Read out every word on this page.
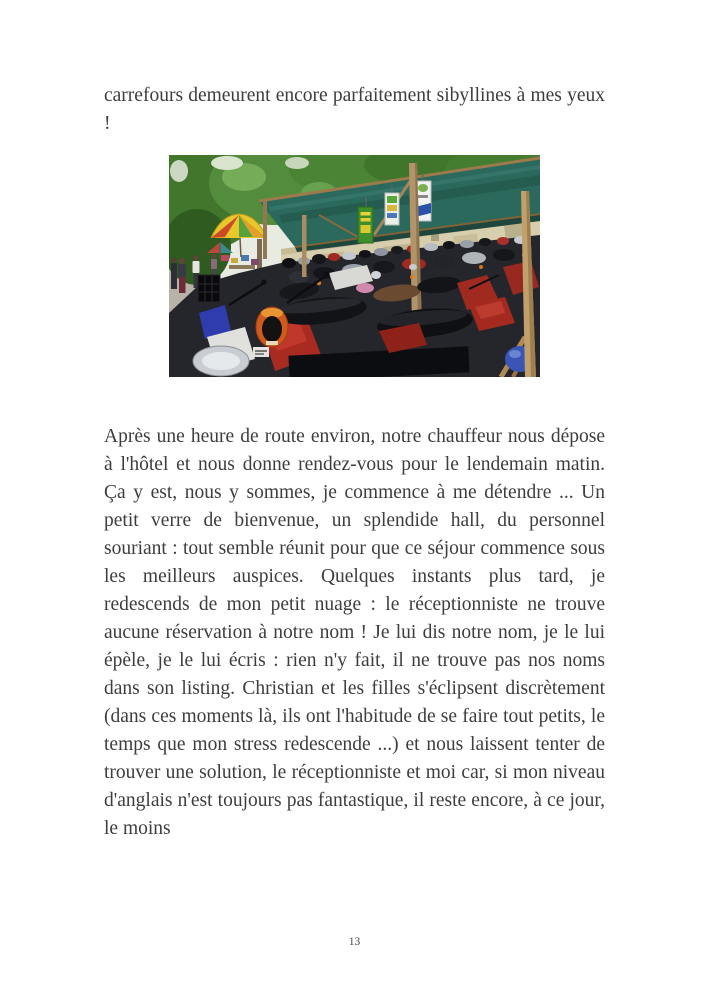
carrefours demeurent encore parfaitement sibyllines à mes yeux !

Après une heure de route environ, notre chauffeur nous dépose à l'hôtel et nous donne rendez-vous pour le lendemain matin. Ça y est, nous y sommes, je commence à me détendre ... Un petit verre de bienvenue, un splendide hall, du personnel souriant : tout semble réunit pour que ce séjour commence sous les meilleurs auspices. Quelques instants plus tard, je redescends de mon petit nuage : le réceptionniste ne trouve aucune réservation à notre nom ! Je lui dis notre nom, je le lui épèle, je le lui écris : rien n'y fait, il ne trouve pas nos noms dans son listing. Christian et les filles s'éclipsent discrètement (dans ces moments là, ils ont l'habitude de se faire tout petits, le temps que mon stress redescende ...) et nous laissent tenter de trouver une solution, le réceptionniste et moi car, si mon niveau d'anglais n'est toujours pas fantastique, il reste encore, à ce jour, le moins

13
